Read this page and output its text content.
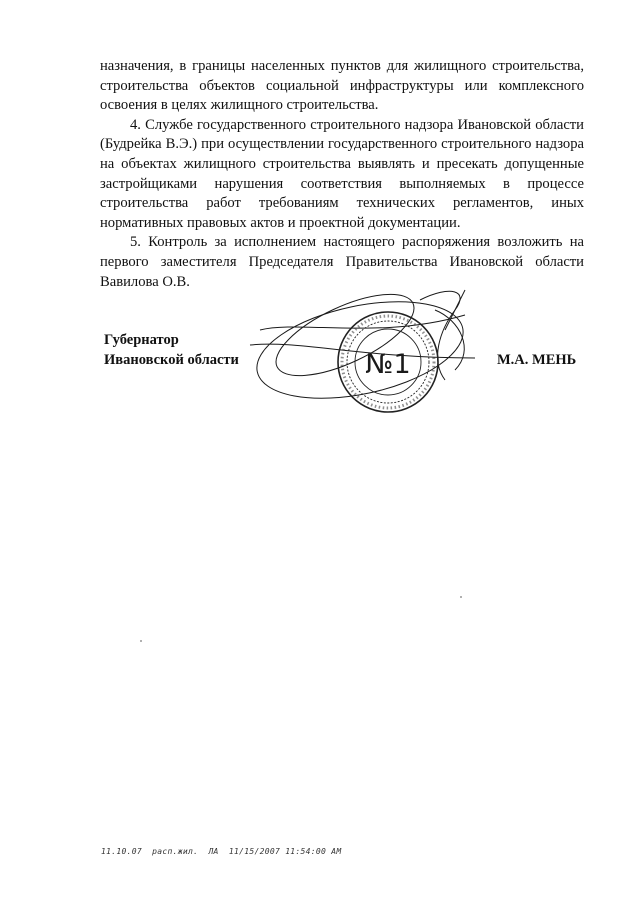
назначения, в границы населенных пунктов для жилищного строительства, строительства объектов социальной инфраструктуры или комплексного освоения в целях жилищного строительства.

4. Службе государственного строительного надзора Ивановской области (Будрейка В.Э.) при осуществлении государственного строительного надзора на объектах жилищного строительства выявлять и пресекать допущенные застройщиками нарушения соответствия выполняемых в процессе строительства работ требованиям технических регламентов, иных нормативных правовых актов и проектной документации.

5. Контроль за исполнением настоящего распоряжения возложить на первого заместителя Председателя Правительства Ивановской области Вавилова О.В.

Губернатор
Ивановской области	№1	М.А. МЕНЬ
11.10.07  расп.жил.  ЛА  11/15/2007 11:54:00 AM
